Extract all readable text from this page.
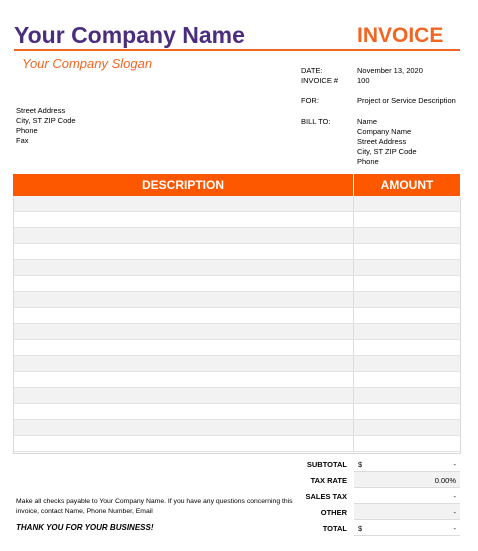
Your Company Name	INVOICE
Your Company Slogan
Street Address
City, ST ZIP Code
Phone
Fax
DATE:	November 13, 2020
INVOICE #	100
FOR:	Project or Service Description
BILL TO:	Name
Company Name
Street Address
City, ST ZIP Code
Phone
DESCRIPTION	AMOUNT

SUBTOTAL $	-
TAX RATE	0.00%
SALES TAX	-
OTHER	-
TOTAL $	-
Make all checks payable to Your Company Name. If you have any questions concerning this invoice, contact Name, Phone Number, Email
THANK YOU FOR YOUR BUSINESS!
